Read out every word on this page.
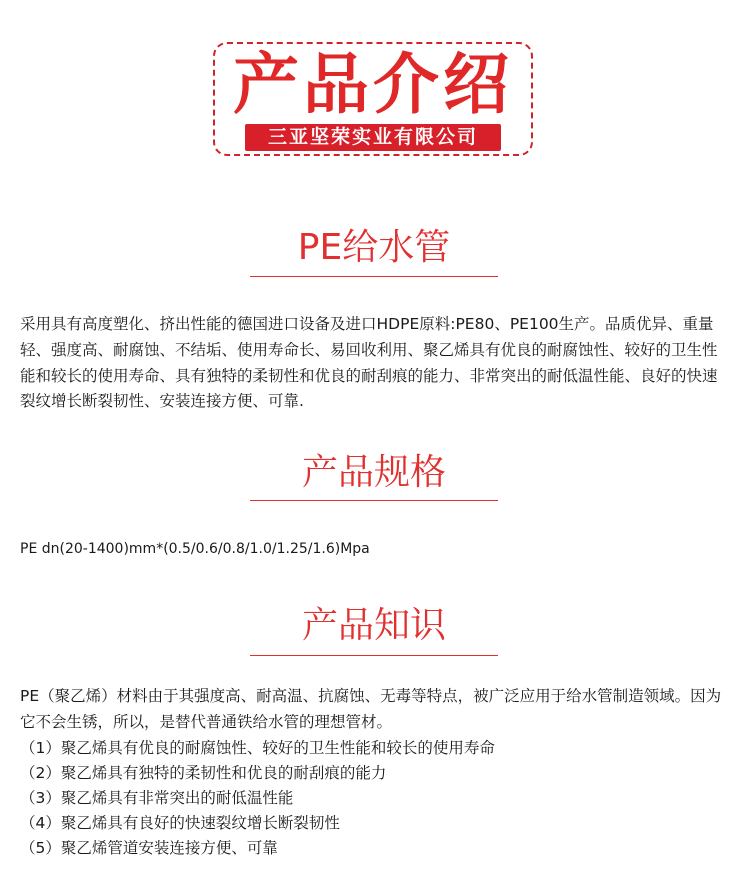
产品介绍
三亚坚荣实业有限公司
PE给水管

采用具有高度塑化、挤出性能的德国进口设备及进口HDPE原料:PE80、PE100生产。品质优异、重量轻、强度高、耐腐蚀、不结垢、使用寿命长、易回收利用、聚乙烯具有优良的耐腐蚀性、较好的卫生性能和较长的使用寿命、具有独特的柔韧性和优良的耐刮痕的能力、非常突出的耐低温性能、良好的快速裂纹增长断裂韧性、安装连接方便、可靠.

产品规格
PE dn(20-1400)mm*(0.5/0.6/0.8/1.0/1.25/1.6)Mpa
产品知识

PE（聚乙烯）材料由于其强度高、耐高温、抗腐蚀、无毒等特点，被广泛应用于给水管制造领域。因为它不会生锈，所以，是替代普通铁给水管的理想管材。

（1）聚乙烯具有优良的耐腐蚀性、较好的卫生性能和较长的使用寿命
（2）聚乙烯具有独特的柔韧性和优良的耐刮痕的能力
（3）聚乙烯具有非常突出的耐低温性能
（4）聚乙烯具有良好的快速裂纹增长断裂韧性
（5）聚乙烯管道安装连接方便、可靠
